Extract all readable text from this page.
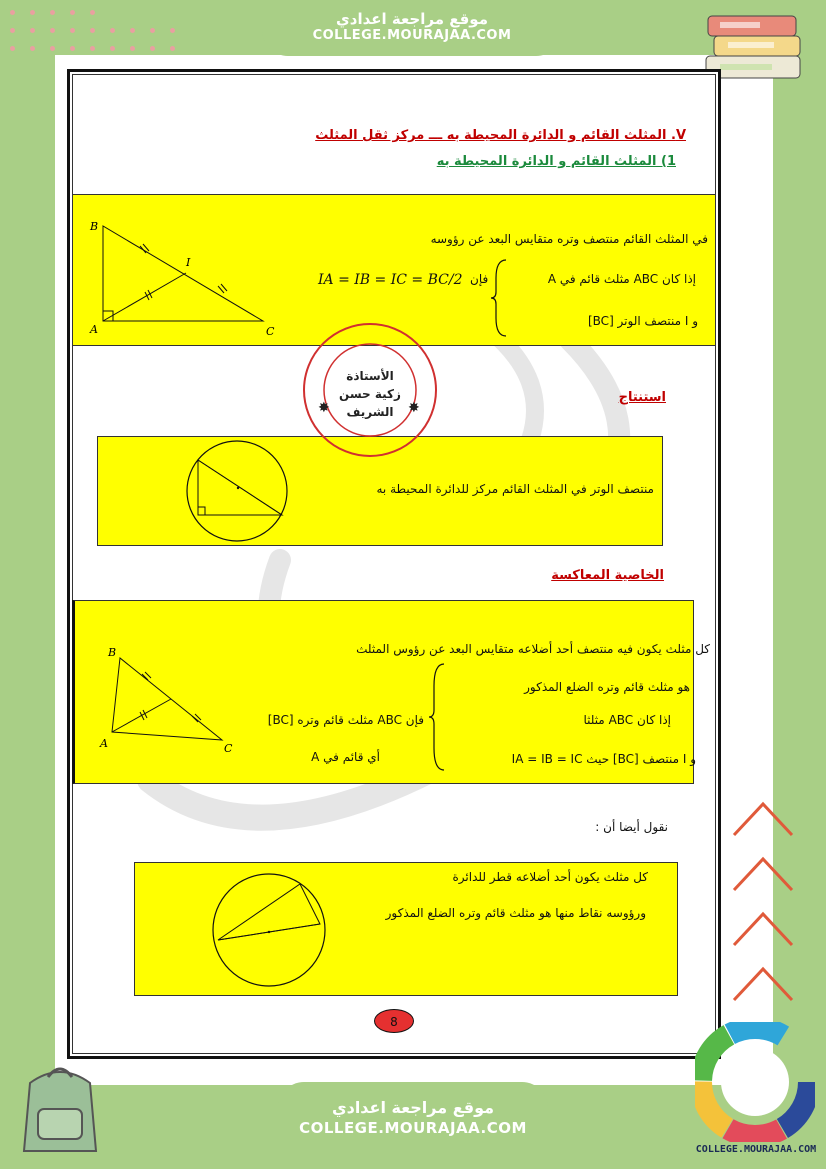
موقع مراجعة اعدادي
COLLEGE.MOURAJAA.COM
V. المثلث القائم و الدائرة المحيطة به ـــ مركز ثقل المثلث
1) المثلث القائم و الدائرة المحيطة به
B
I
A	C
في المثلث القائم منتصف وتره متقايس البعد عن رؤوسه
إذا كان ABC مثلث قائم في A
و I منتصف الوتر [BC]
فإن
IA = IB = IC = BC/2
استنتاج
منتصف الوتر في المثلث القائم مركز للدائرة المحيطة به
الأستاذة
زكية حسن
الشريف
✸	✸
الخاصية المعاكسة
B
A	C
كل مثلث يكون فيه منتصف أحد أضلاعه متقايس البعد عن رؤوس المثلث
هو مثلث قائم وتره الضلع المذكور
إذا كان ABC مثلثا
و I منتصف [BC] حيث IA = IB = IC
فإن ABC مثلث قائم وتره [BC]
أي قائم في A
نقول أيضا أن :
كل مثلث يكون أحد أضلاعه قطر للدائرة
ورؤوسه نقاط منها هو مثلث قائم وتره الضلع المذكور
8
موقع مراجعة اعدادي
COLLEGE.MOURAJAA.COM
COLLEGE.MOURAJAA.COM
